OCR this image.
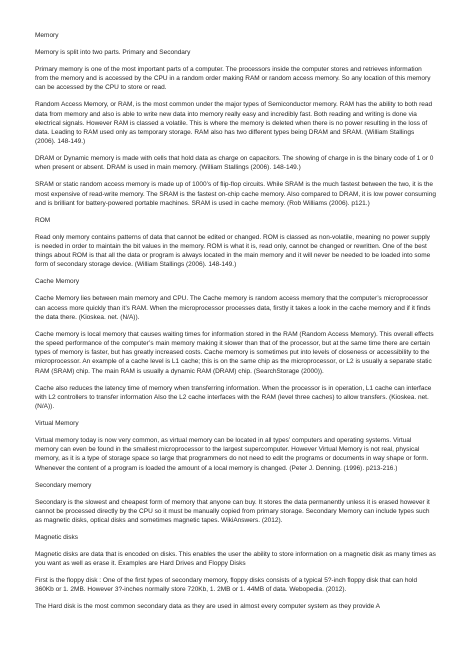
Memory

Memory is split into two parts. Primary and Secondary

Primary memory is one of the most important parts of a computer. The processors inside the computer stores and retrieves information from the memory and is accessed by the CPU in a random order making RAM or random access memory. So any location of this memory can be accessed by the CPU to store or read.

Random Access Memory, or RAM, is the most common under the major types of Semiconductor memory. RAM has the ability to both read data from memory and also is able to write new data into memory really easy and incredibly fast. Both reading and writing is done via electrical signals. However RAM is classed a volatile. This is where the memory is deleted when there is no power resulting in the loss of data. Leading to RAM used only as temporary storage. RAM also has two different types being DRAM and SRAM. (William Stallings (2006). 148-149.)

DRAM or Dynamic memory is made with cells that hold data as charge on capacitors. The showing of charge in is the binary code of 1 or 0 when present or absent. DRAM is used in main memory. (William Stallings (2006). 148-149.)

SRAM or static random access memory is made up of 1000’s of flip-flop circuits. While SRAM is the much fastest between the two, it is the most expensive of read-write memory. The SRAM is the fastest on-chip cache memory. Also compared to DRAM, it is low power consuming and is brilliant for battery-powered portable machines. SRAM is used in cache memory. (Rob Williams (2006). p121.)

ROM

Read only memory contains patterns of data that cannot be edited or changed. ROM is classed as non-volatile, meaning no power supply is needed in order to maintain the bit values in the memory. ROM is what it is, read only, cannot be changed or rewritten. One of the best things about ROM is that all the data or program is always located in the main memory and it will never be needed to be loaded into some form of secondary storage device. (William Stallings (2006). 148-149.)

Cache Memory

Cache Memory lies between main memory and CPU. The Cache memory is random access memory that the computer’s microprocessor can access more quickly than it’s RAM. When the microprocessor processes data, firstly it takes a look in the cache memory and if it finds the data there. (Kioskea. net. (N/A)).

Cache memory is local memory that causes waiting times for information stored in the RAM (Random Access Memory). This overall effects the speed performance of the computer’s main memory making it slower than that of the processor, but at the same time there are certain types of memory is faster, but has greatly increased costs. Cache memory is sometimes put into levels of closeness or accessibility to the microprocessor. An example of a cache level is L1 cache; this is on the same chip as the microprocessor, or L2 is usually a separate static RAM (SRAM) chip. The main RAM is usually a dynamic RAM (DRAM) chip. (SearchStorage (2000)).

Cache also reduces the latency time of memory when transferring information. When the processor is in operation, L1 cache can interface with L2 controllers to transfer information Also the L2 cache interfaces with the RAM (level three caches) to allow transfers. (Kioskea. net. (N/A)).

Virtual Memory

Virtual memory today is now very common, as virtual memory can be located in all types’ computers and operating systems. Virtual memory can even be found in the smallest microprocessor to the largest supercomputer. However Virtual Memory is not real, physical memory, as it is a type of storage space so large that programmers do not need to edit the programs or documents in way shape or form. Whenever the content of a program is loaded the amount of a local memory is changed. (Peter J. Denning. (1996). p213-216.)

Secondary memory

Secondary is the slowest and cheapest form of memory that anyone can buy. It stores the data permanently unless it is erased however it cannot be processed directly by the CPU so it must be manually copied from primary storage. Secondary Memory can include types such as magnetic disks, optical disks and sometimes magnetic tapes. WikiAnswers. (2012).

Magnetic disks

Magnetic disks are data that is encoded on disks. This enables the user the ability to store information on a magnetic disk as many times as you want as well as erase it. Examples are Hard Drives and Floppy Disks

First is the floppy disk : One of the first types of secondary memory, floppy disks consists of a typical 5?-inch floppy disk that can hold 360Kb or 1. 2MB. However 3?-inches normally store 720Kb, 1. 2MB or 1. 44MB of data. Webopedia. (2012).

The Hard disk is the most common secondary data as they are used in almost every computer system as they provide A
